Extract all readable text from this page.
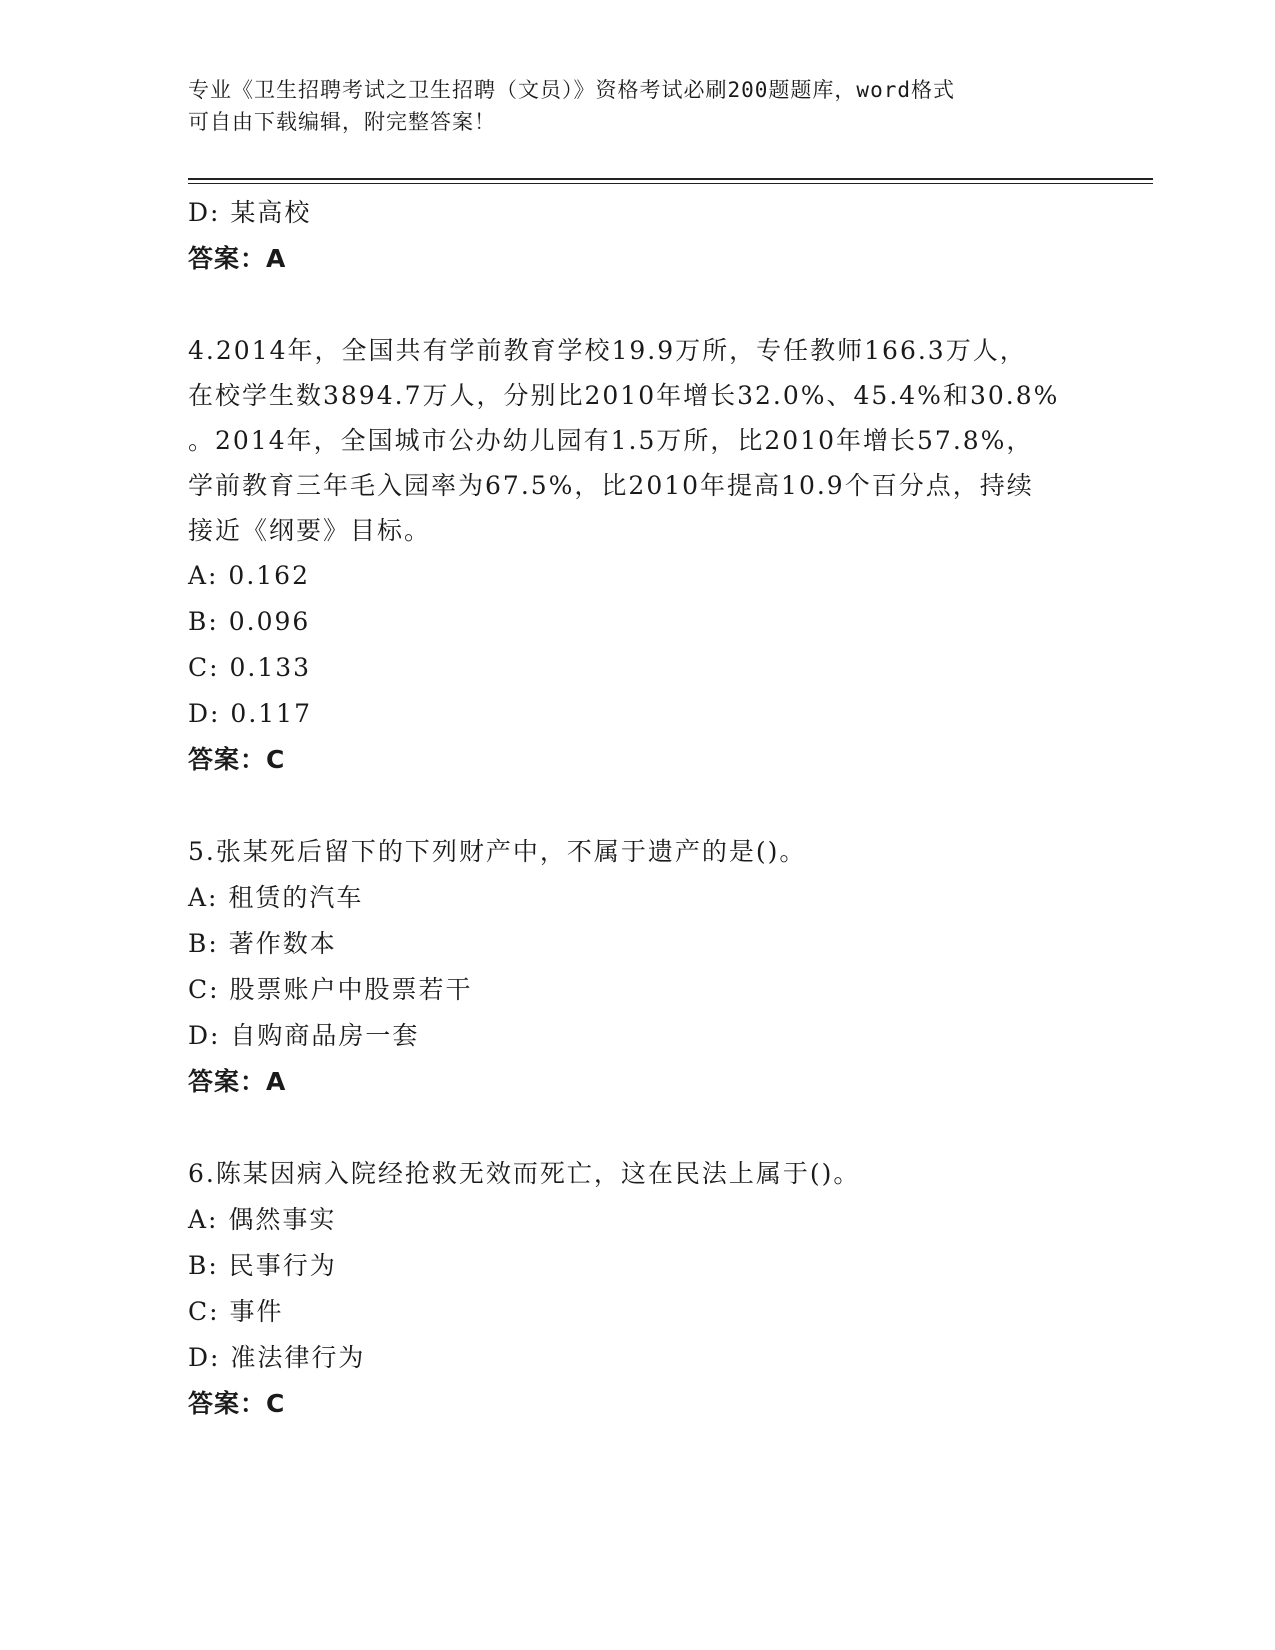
专业《卫生招聘考试之卫生招聘（文员）》资格考试必刷200题题库，word格式
可自由下载编辑，附完整答案！
D: 某高校
答案：A
4.2014年，全国共有学前教育学校19.9万所，专任教师166.3万人，
在校学生数3894.7万人，分别比2010年增长32.0%、45.4%和30.8%
。2014年，全国城市公办幼儿园有1.5万所，比2010年增长57.8%，
学前教育三年毛入园率为67.5%，比2010年提高10.9个百分点，持续
接近《纲要》目标。
A: 0.162
B: 0.096
C: 0.133
D: 0.117
答案：C
5.张某死后留下的下列财产中，不属于遗产的是()。
A: 租赁的汽车
B: 著作数本
C: 股票账户中股票若干
D: 自购商品房一套
答案：A
6.陈某因病入院经抢救无效而死亡，这在民法上属于()。
A: 偶然事实
B: 民事行为
C: 事件
D: 准法律行为
答案：C
